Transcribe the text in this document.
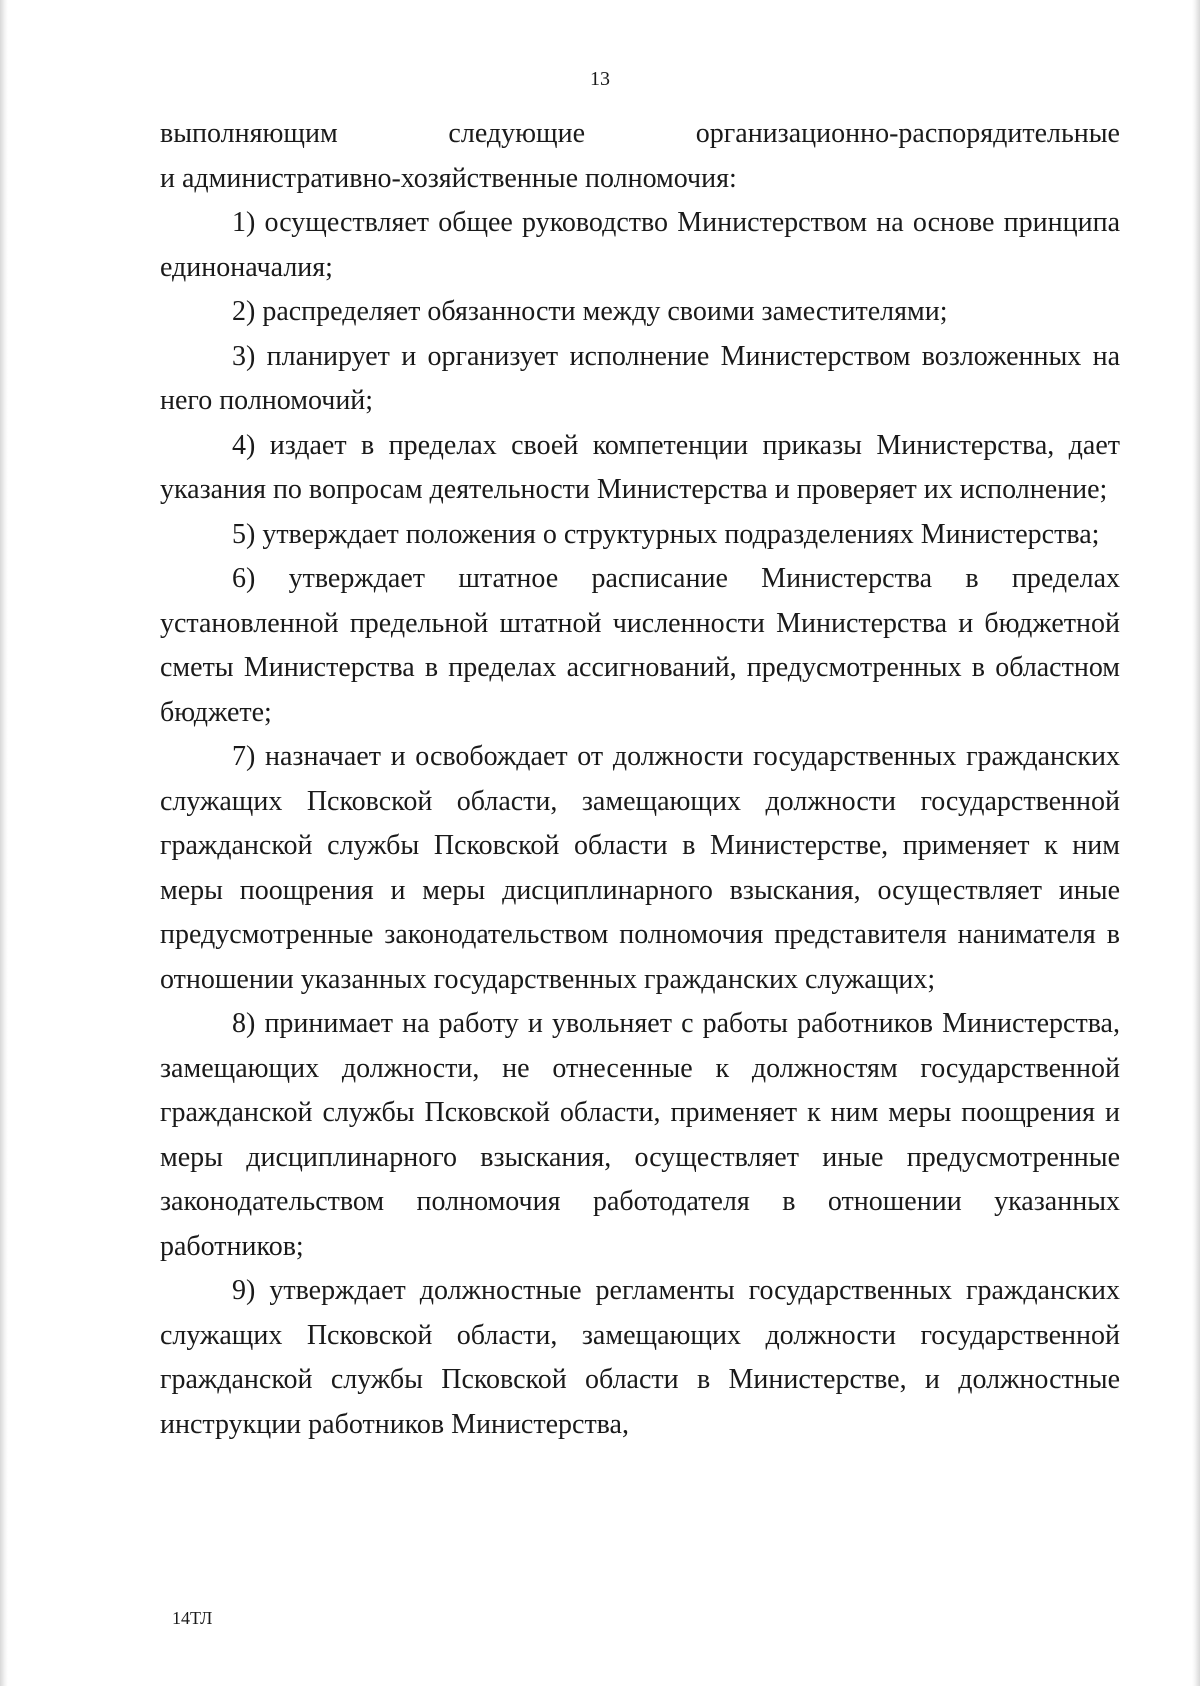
13
выполняющим следующие организационно-распорядительные
и административно-хозяйственные полномочия:

1) осуществляет общее руководство Министерством на основе принципа единоначалия;

2) распределяет обязанности между своими заместителями;

3) планирует и организует исполнение Министерством возложенных на него полномочий;

4) издает в пределах своей компетенции приказы Министерства, дает указания по вопросам деятельности Министерства и проверяет их исполнение;

5) утверждает положения о структурных подразделениях Министерства;

6) утверждает штатное расписание Министерства в пределах установленной предельной штатной численности Министерства и бюджетной сметы Министерства в пределах ассигнований, предусмотренных в областном бюджете;

7) назначает и освобождает от должности государственных гражданских служащих Псковской области, замещающих должности государственной гражданской службы Псковской области в Министерстве, применяет к ним меры поощрения и меры дисциплинарного взыскания, осуществляет иные предусмотренные законодательством полномочия представителя нанимателя в отношении указанных государственных гражданских служащих;

8) принимает на работу и увольняет с работы работников Министерства, замещающих должности, не отнесенные к должностям государственной гражданской службы Псковской области, применяет к ним меры поощрения и меры дисциплинарного взыскания, осуществляет иные предусмотренные законодательством полномочия работодателя в отношении указанных работников;

9) утверждает должностные регламенты государственных гражданских служащих Псковской области, замещающих должности государственной гражданской службы Псковской области в Министерстве, и должностные инструкции работников Министерства,

14ТЛ
